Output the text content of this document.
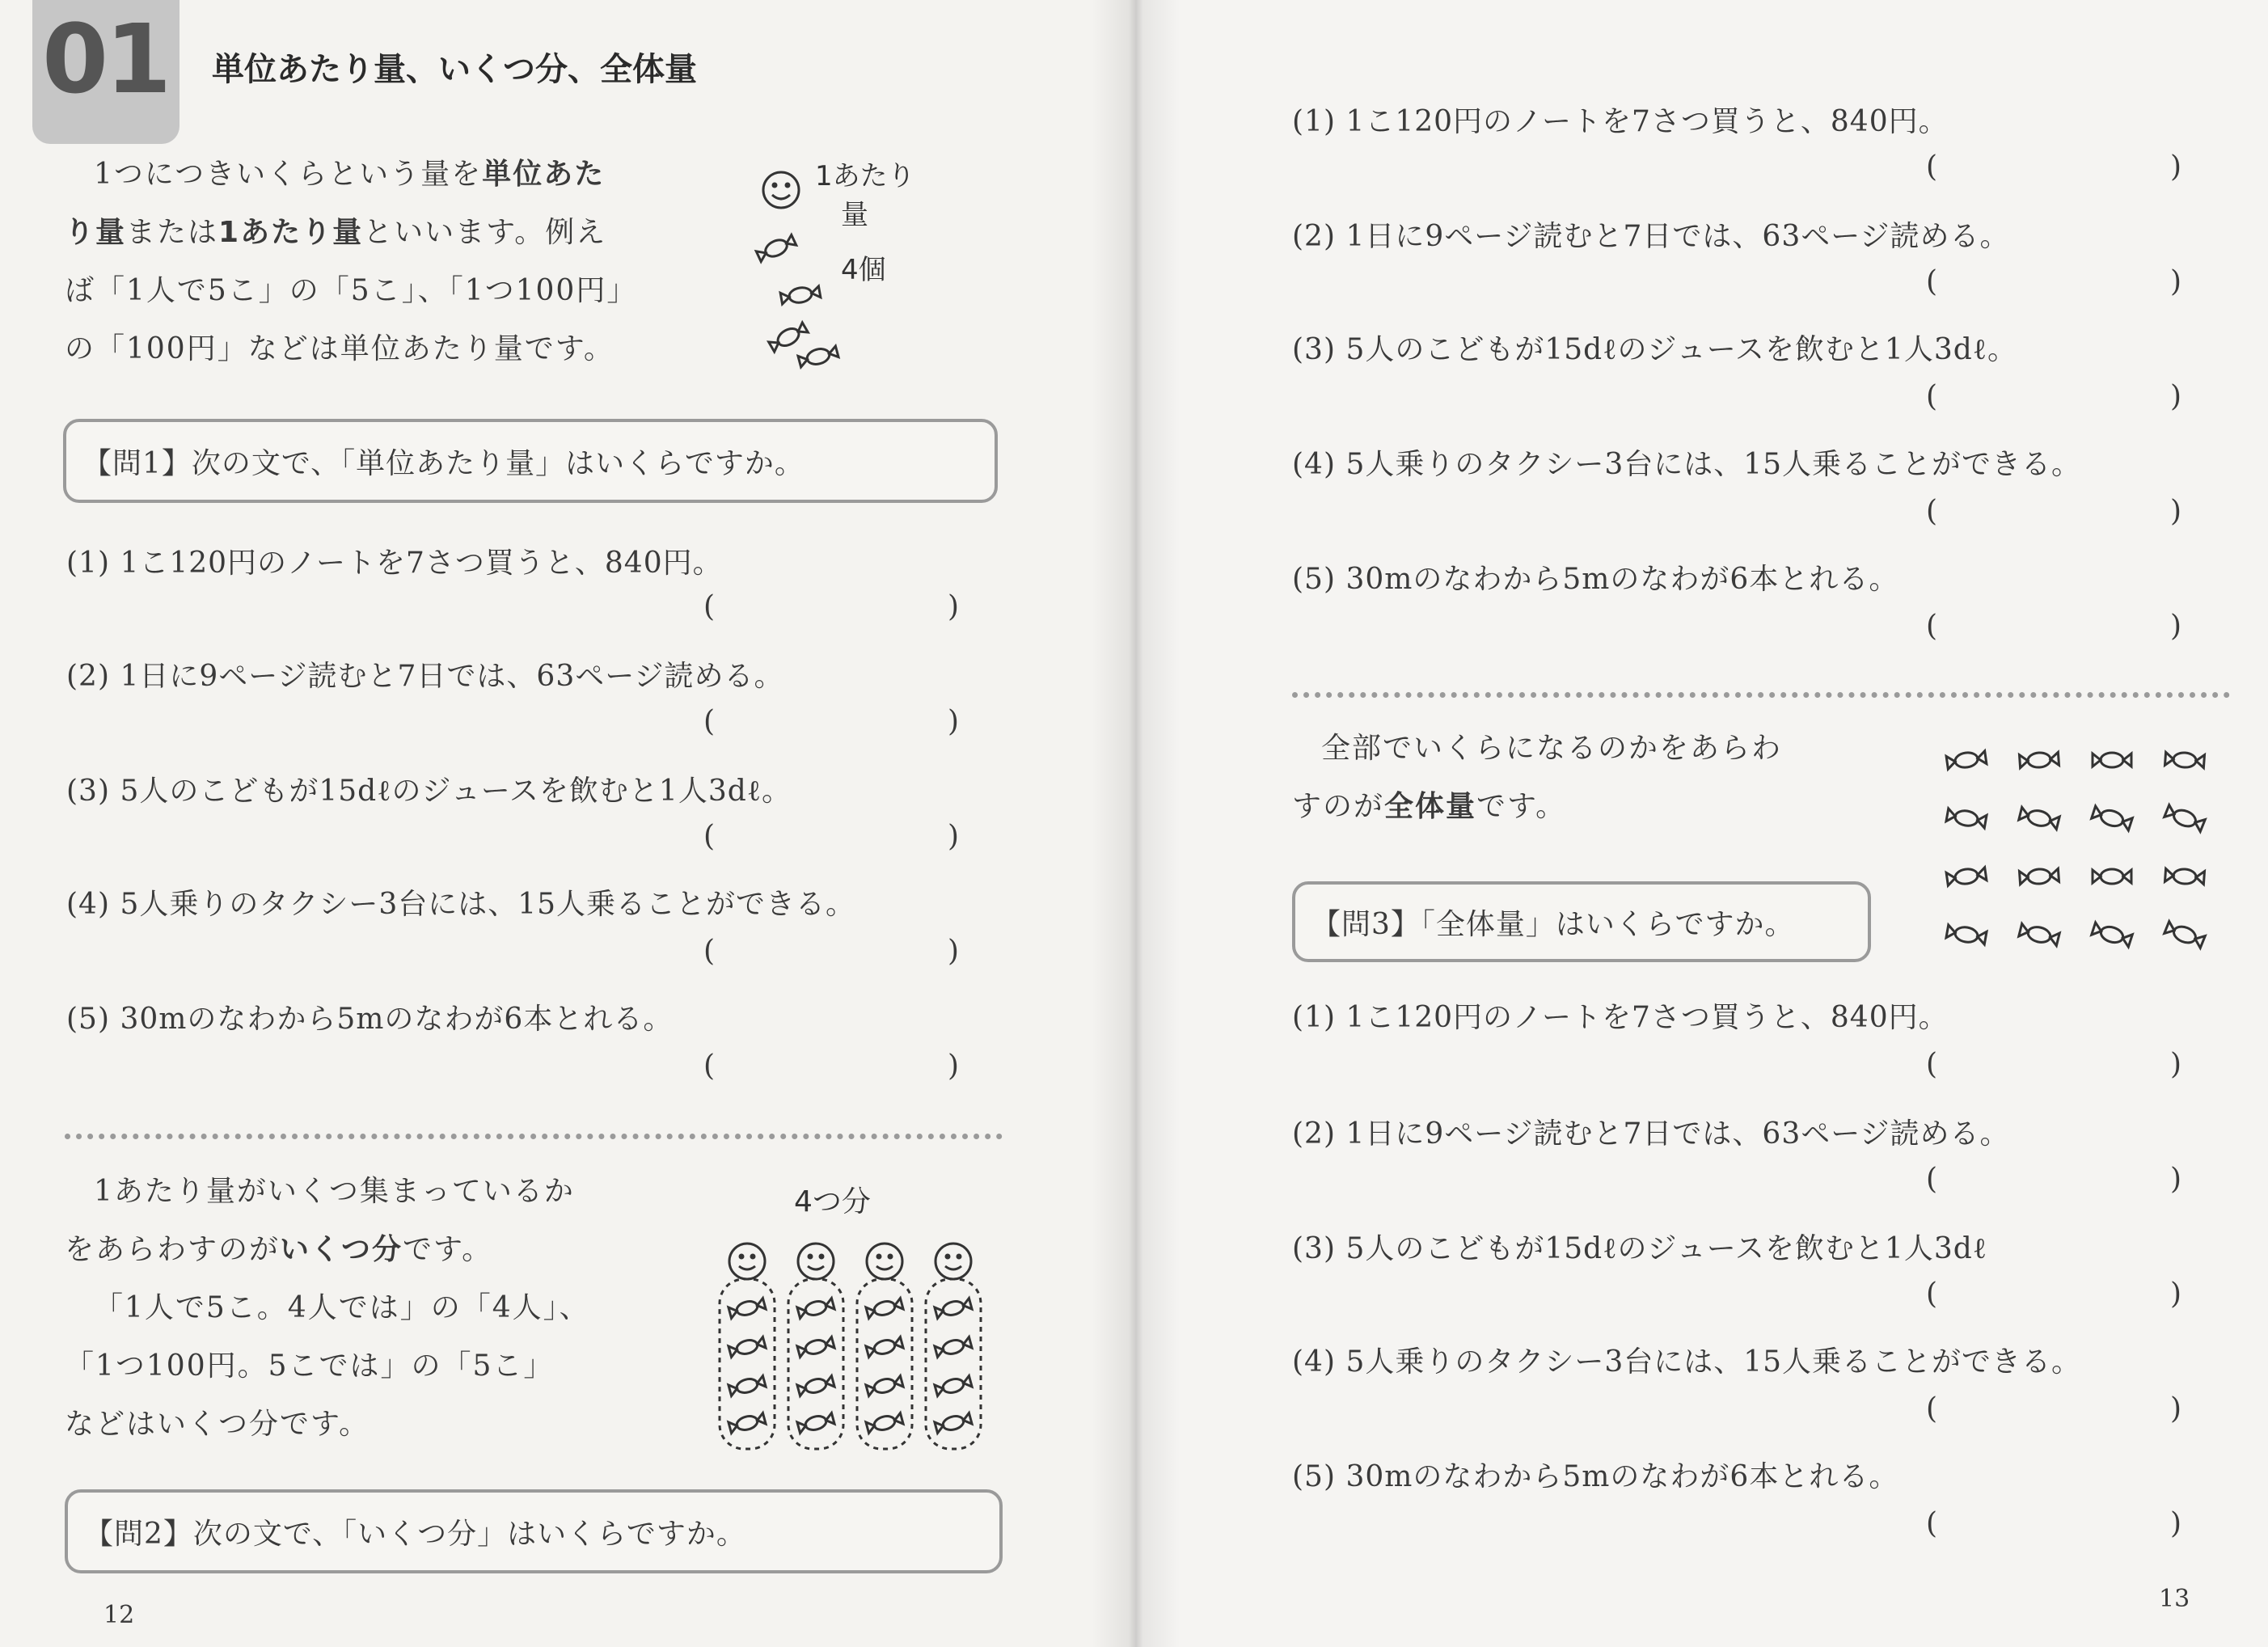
01 単位あたり量、いくつ分、全体量
1つにつきいくらという量を単位あた
り量または1あたり量といいます。例え
ば「1人で5こ」の「5こ」、「1つ100円」
の「100円」などは単位あたり量です。
1あたり
量
4個
【問1】次の文で、「単位あたり量」はいくらですか。
(1) 1こ120円のノートを7さつ買うと、840円。
(	)
(2) 1日に9ページ読むと7日では、63ページ読める。
(	)
(3) 5人のこどもが15dℓのジュースを飲むと1人3dℓ。
(	)
(4) 5人乗りのタクシー3台には、15人乗ることができる。
(	)
(5) 30mのなわから5mのなわが6本とれる。
(	)
1あたり量がいくつ集まっているか
をあらわすのがいくつ分です。
「1人で5こ。4人では」の「4人」、
「1つ100円。5こでは」の「5こ」
などはいくつ分です。
4つ分
【問2】次の文で、「いくつ分」はいくらですか。
12
(1) 1こ120円のノートを7さつ買うと、840円。
(	)
(2) 1日に9ページ読むと7日では、63ページ読める。
(	)
(3) 5人のこどもが15dℓのジュースを飲むと1人3dℓ。
(	)
(4) 5人乗りのタクシー3台には、15人乗ることができる。
(	)
(5) 30mのなわから5mのなわが6本とれる。
(	)
全部でいくらになるのかをあらわ
すのが全体量です。
【問3】「全体量」はいくらですか。
(1) 1こ120円のノートを7さつ買うと、840円。
(	)
(2) 1日に9ページ読むと7日では、63ページ読める。
(	)
(3) 5人のこどもが15dℓのジュースを飲むと1人3dℓ
(	)
(4) 5人乗りのタクシー3台には、15人乗ることができる。
(	)
(5) 30mのなわから5mのなわが6本とれる。
(	)
13
